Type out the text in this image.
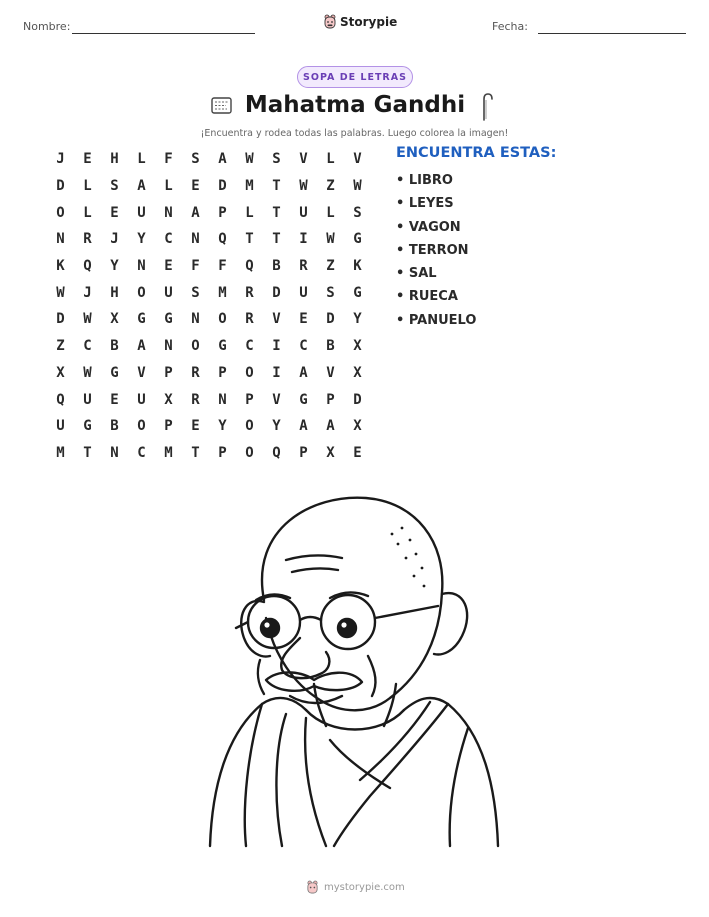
Nombre:	Storypie	Fecha:
SOPA DE LETRAS
Mahatma Gandhi
¡Encuentra y rodea todas las palabras. Luego colorea la imagen!
J	E	H	L	F	S	A	W	S	V	L	V
D	L	S	A	L	E	D	M	T	W	Z	W
O	L	E	U	N	A	P	L	T	U	L	S
N	R	J	Y	C	N	Q	T	T	I	W	G
K	Q	Y	N	E	F	F	Q	B	R	Z	K
W	J	H	O	U	S	M	R	D	U	S	G
D	W	X	G	G	N	O	R	V	E	D	Y
Z	C	B	A	N	O	G	C	I	C	B	X
X	W	G	V	P	R	P	O	I	A	V	X
Q	U	E	U	X	R	N	P	V	G	P	D
U	G	B	O	P	E	Y	O	Y	A	A	X
M	T	N	C	M	T	P	O	Q	P	X	E
ENCUENTRA ESTAS:
• LIBRO
• LEYES
• VAGON
• TERRON
• SAL
• RUECA
• PANUELO
mystorypie.com
